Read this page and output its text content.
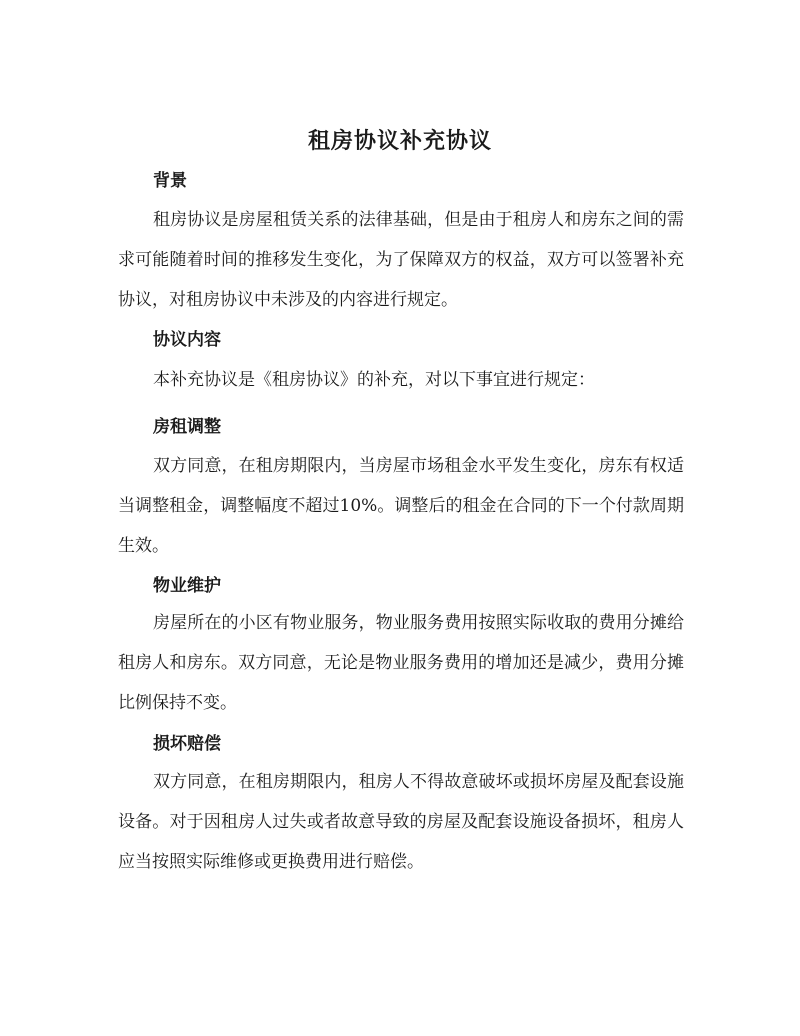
租房协议补充协议
背景

租房协议是房屋租赁关系的法律基础，但是由于租房人和房东之间的需求可能随着时间的推移发生变化，为了保障双方的权益，双方可以签署补充协议，对租房协议中未涉及的内容进行规定。

协议内容

本补充协议是《租房协议》的补充，对以下事宜进行规定：

房租调整

双方同意，在租房期限内，当房屋市场租金水平发生变化，房东有权适当调整租金，调整幅度不超过10%。调整后的租金在合同的下一个付款周期生效。

物业维护

房屋所在的小区有物业服务，物业服务费用按照实际收取的费用分摊给租房人和房东。双方同意，无论是物业服务费用的增加还是减少，费用分摊比例保持不变。

损坏赔偿

双方同意，在租房期限内，租房人不得故意破坏或损坏房屋及配套设施设备。对于因租房人过失或者故意导致的房屋及配套设施设备损坏，租房人应当按照实际维修或更换费用进行赔偿。
